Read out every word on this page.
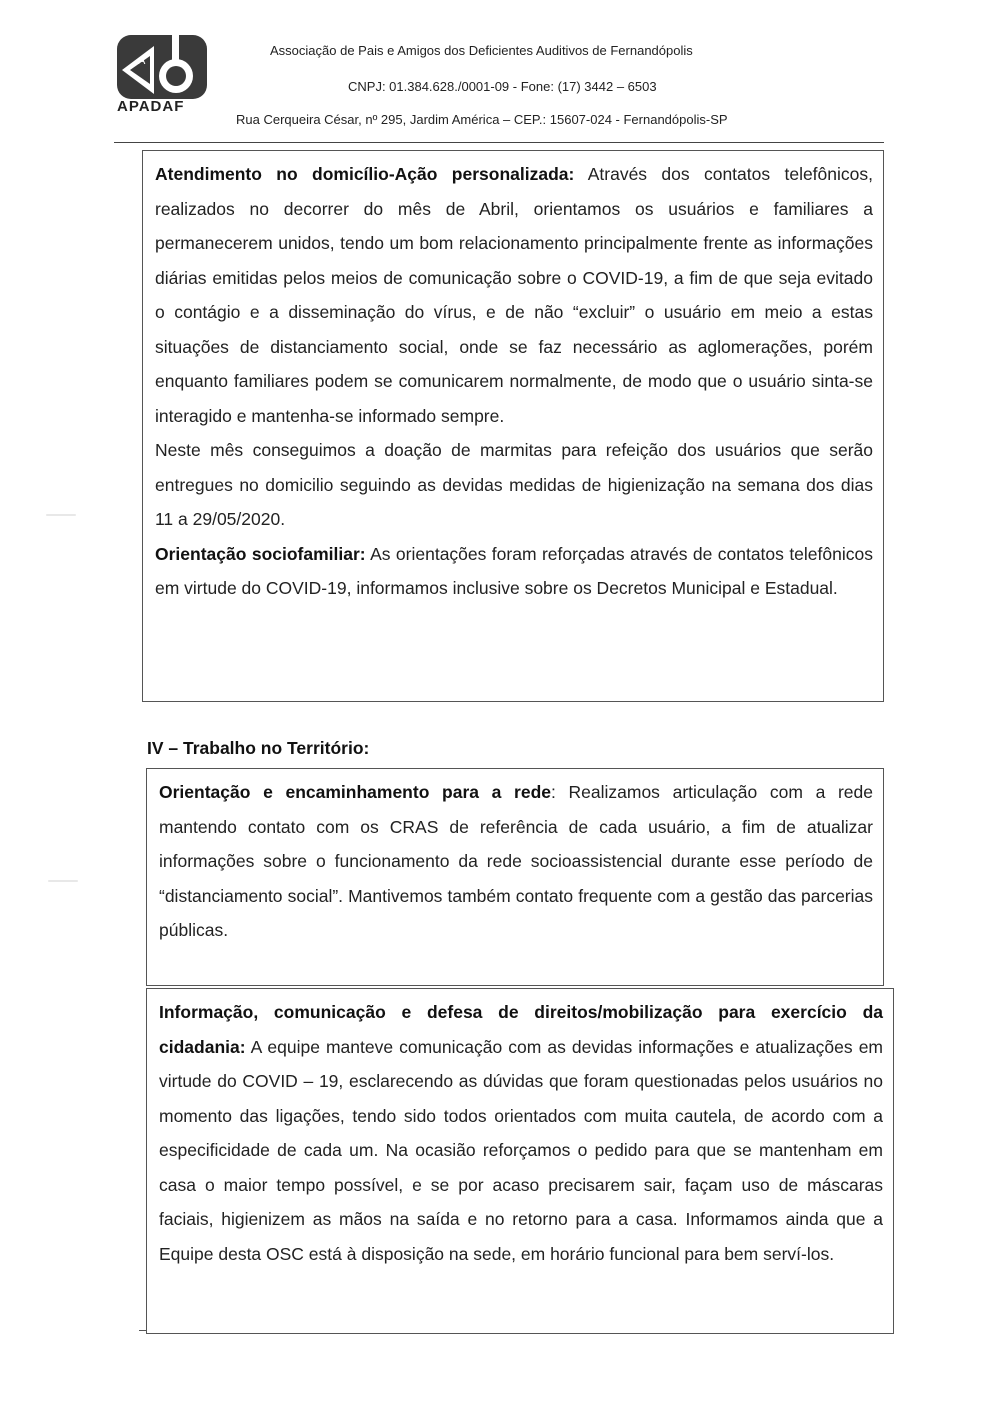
A
APADAF
Associação de Pais e Amigos dos Deficientes Auditivos de Fernandópolis
CNPJ: 01.384.628./0001-09 - Fone: (17) 3442 – 6503
Rua Cerqueira César, nº 295, Jardim América – CEP.: 15607-024 - Fernandópolis-SP

Atendimento no domicílio-Ação personalizada: Através dos contatos telefônicos, realizados no decorrer do mês de Abril, orientamos os usuários e familiares a permanecerem unidos, tendo um bom relacionamento principalmente frente as informações diárias emitidas pelos meios de comunicação sobre o COVID-19, a fim de que seja evitado o contágio e a disseminação do vírus, e de não “excluir” o usuário em meio a estas situações de distanciamento social, onde se faz necessário as aglomerações, porém enquanto familiares podem se comunicarem normalmente, de modo que o usuário sinta-se interagido e mantenha-se informado sempre.

Neste mês conseguimos a doação de marmitas para refeição dos usuários que serão entregues no domicilio seguindo as devidas medidas de higienização na semana dos dias 11 a 29/05/2020.

Orientação sociofamiliar: As orientações foram reforçadas através de contatos telefônicos em virtude do COVID-19, informamos inclusive sobre os Decretos Municipal e Estadual.

IV – Trabalho no Território:

Orientação e encaminhamento para a rede: Realizamos articulação com a rede mantendo contato com os CRAS de referência de cada usuário, a fim de atualizar informações sobre o funcionamento da rede socioassistencial durante esse período de “distanciamento social”. Mantivemos também contato frequente com a gestão das parcerias públicas.

Informação, comunicação e defesa de direitos/mobilização para exercício da cidadania: A equipe manteve comunicação com as devidas informações e atualizações em virtude do COVID – 19, esclarecendo as dúvidas que foram questionadas pelos usuários no momento das ligações, tendo sido todos orientados com muita cautela, de acordo com a especificidade de cada um. Na ocasião reforçamos o pedido para que se mantenham em casa o maior tempo possível, e se por acaso precisarem sair, façam uso de máscaras faciais, higienizem as mãos na saída e no retorno para a casa. Informamos ainda que a Equipe desta OSC está à disposição na sede, em horário funcional para bem serví-los.
